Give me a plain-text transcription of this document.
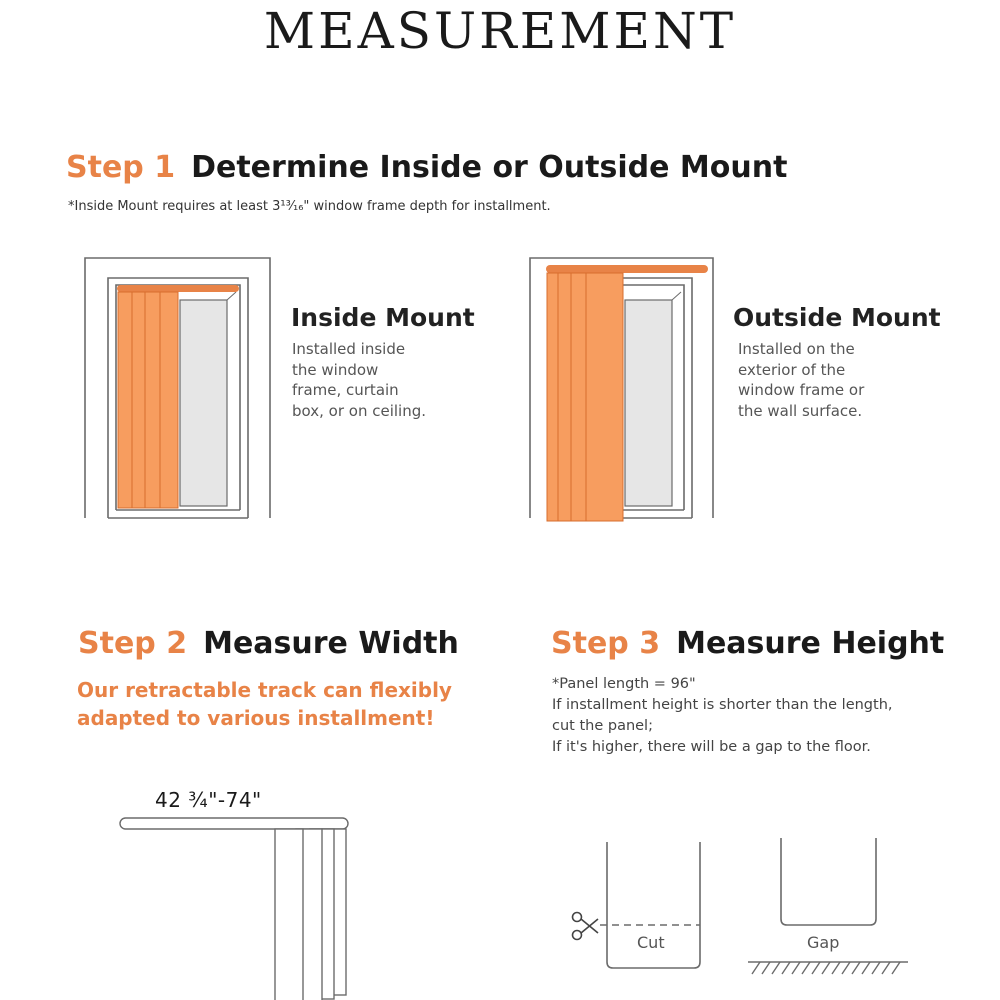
MEASUREMENT
Step 1 Determine Inside or Outside Mount
*Inside Mount requires at least 3¹³⁄₁₆" window frame depth for installment.
Inside Mount
Installed inside
the window
frame, curtain
box, or on ceiling.
Outside Mount
Installed on the
exterior of the
window frame or
the wall surface.
Step 2 Measure Width
Our retractable track can flexibly
adapted to various installment!
42 ¾"-74"
Step 3 Measure Height
*Panel length = 96"
If installment height is shorter than the length,
cut the panel;
If it's higher, there will be a gap to the floor.
Cut	Gap
